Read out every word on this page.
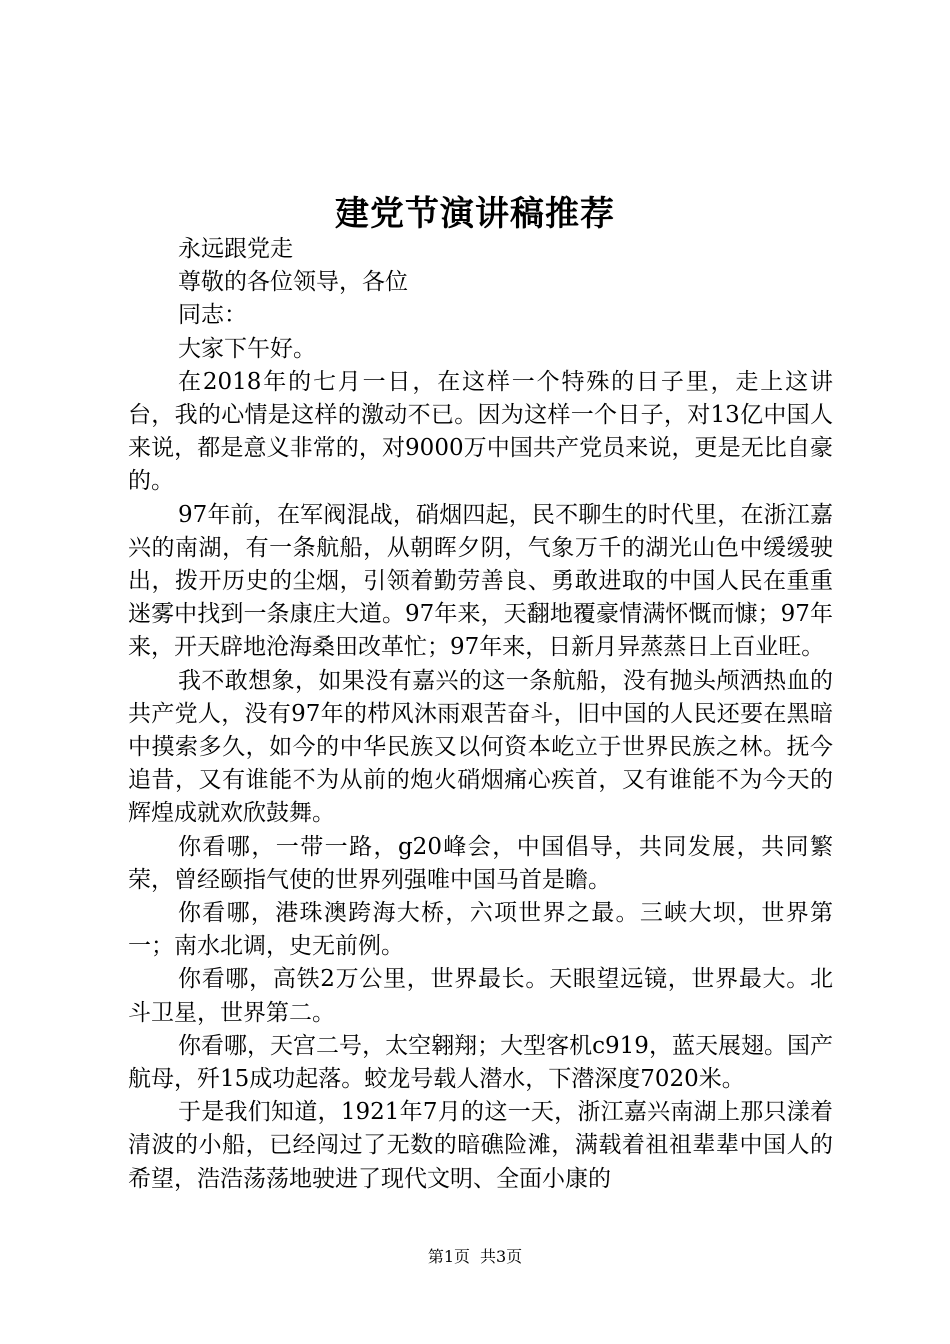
建党节演讲稿推荐

永远跟党走

尊敬的各位领导，各位

同志：

大家下午好。

在2018年的七月一日，在这样一个特殊的日子里，走上这讲台，我的心情是这样的激动不已。因为这样一个日子，对13亿中国人来说，都是意义非常的，对9000万中国共产党员来说，更是无比自豪的。

97年前，在军阀混战，硝烟四起，民不聊生的时代里，在浙江嘉兴的南湖，有一条航船，从朝晖夕阴，气象万千的湖光山色中缓缓驶出，拨开历史的尘烟，引领着勤劳善良、勇敢进取的中国人民在重重迷雾中找到一条康庄大道。97年来，天翻地覆豪情满怀慨而慷；97年来，开天辟地沧海桑田改革忙；97年来，日新月异蒸蒸日上百业旺。

我不敢想象，如果没有嘉兴的这一条航船，没有抛头颅洒热血的共产党人，没有97年的栉风沐雨艰苦奋斗，旧中国的人民还要在黑暗中摸索多久，如今的中华民族又以何资本屹立于世界民族之林。抚今追昔，又有谁能不为从前的炮火硝烟痛心疾首，又有谁能不为今天的辉煌成就欢欣鼓舞。

你看哪，一带一路，g20峰会，中国倡导，共同发展，共同繁荣，曾经颐指气使的世界列强唯中国马首是瞻。

你看哪，港珠澳跨海大桥，六项世界之最。三峡大坝，世界第一；南水北调，史无前例。

你看哪，高铁2万公里，世界最长。天眼望远镜，世界最大。北斗卫星，世界第二。

你看哪，天宫二号，太空翱翔；大型客机c919，蓝天展翅。国产航母，歼15成功起落。蛟龙号载人潜水，下潜深度7020米。

于是我们知道，1921年7月的这一天，浙江嘉兴南湖上那只漾着清波的小船，已经闯过了无数的暗礁险滩，满载着祖祖辈辈中国人的希望，浩浩荡荡地驶进了现代文明、全面小康的

第1页 共3页
